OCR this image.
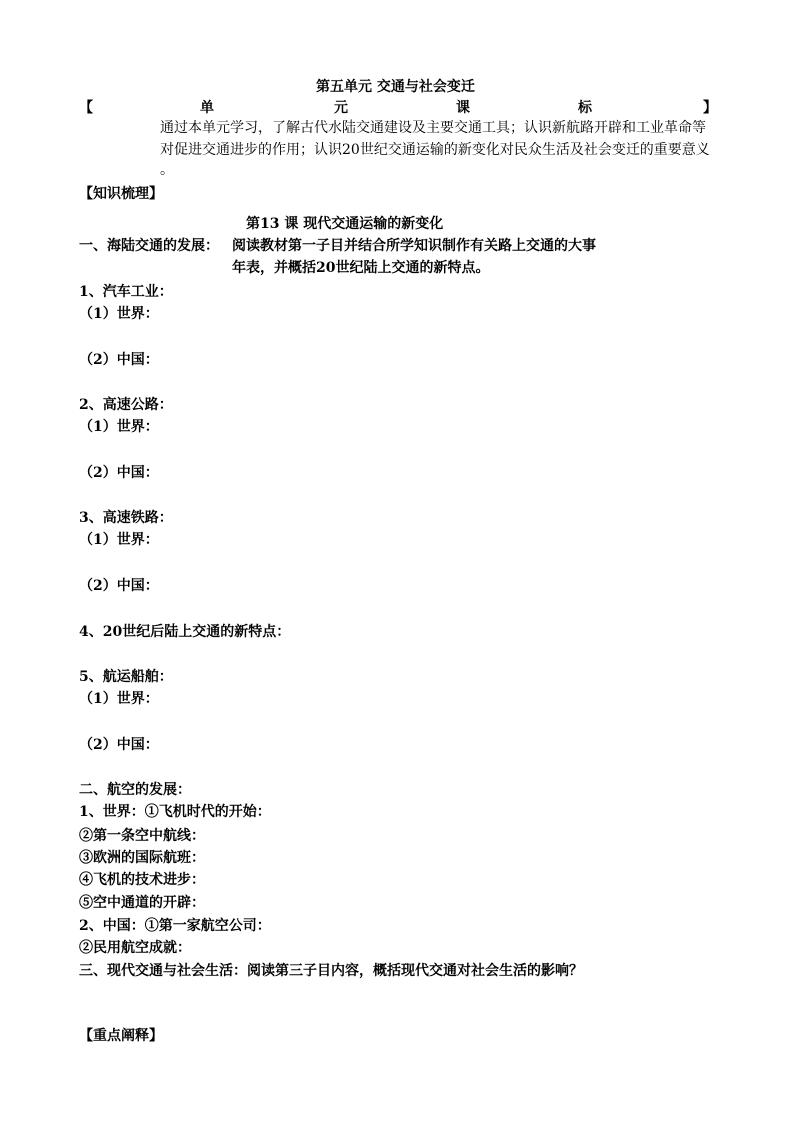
第五单元 交通与社会变迁
【	单	元	课	标	】
通过本单元学习，了解古代水陆交通建设及主要交通工具；认识新航路开辟和工业革命等
对促进交通进步的作用；认识20世纪交通运输的新变化对民众生活及社会变迁的重要意义
。
【知识梳理】
第13 课 现代交通运输的新变化
一、海陆交通的发展： 阅读教材第一子目并结合所学知识制作有关路上交通的大事
年表，并概括20世纪陆上交通的新特点。
1、汽车工业：
（1）世界：
（2）中国：
2、高速公路：
（1）世界：
（2）中国：
3、高速铁路：
（1）世界：
（2）中国：
4、20世纪后陆上交通的新特点：
5、航运船舶：
（1）世界：
（2）中国：
二、航空的发展：
1、世界：①飞机时代的开始：
②第一条空中航线：
③欧洲的国际航班：
④飞机的技术进步：
⑤空中通道的开辟：
2、中国：①第一家航空公司：
②民用航空成就：
三、现代交通与社会生活：阅读第三子目内容，概括现代交通对社会生活的影响？
【重点阐释】
